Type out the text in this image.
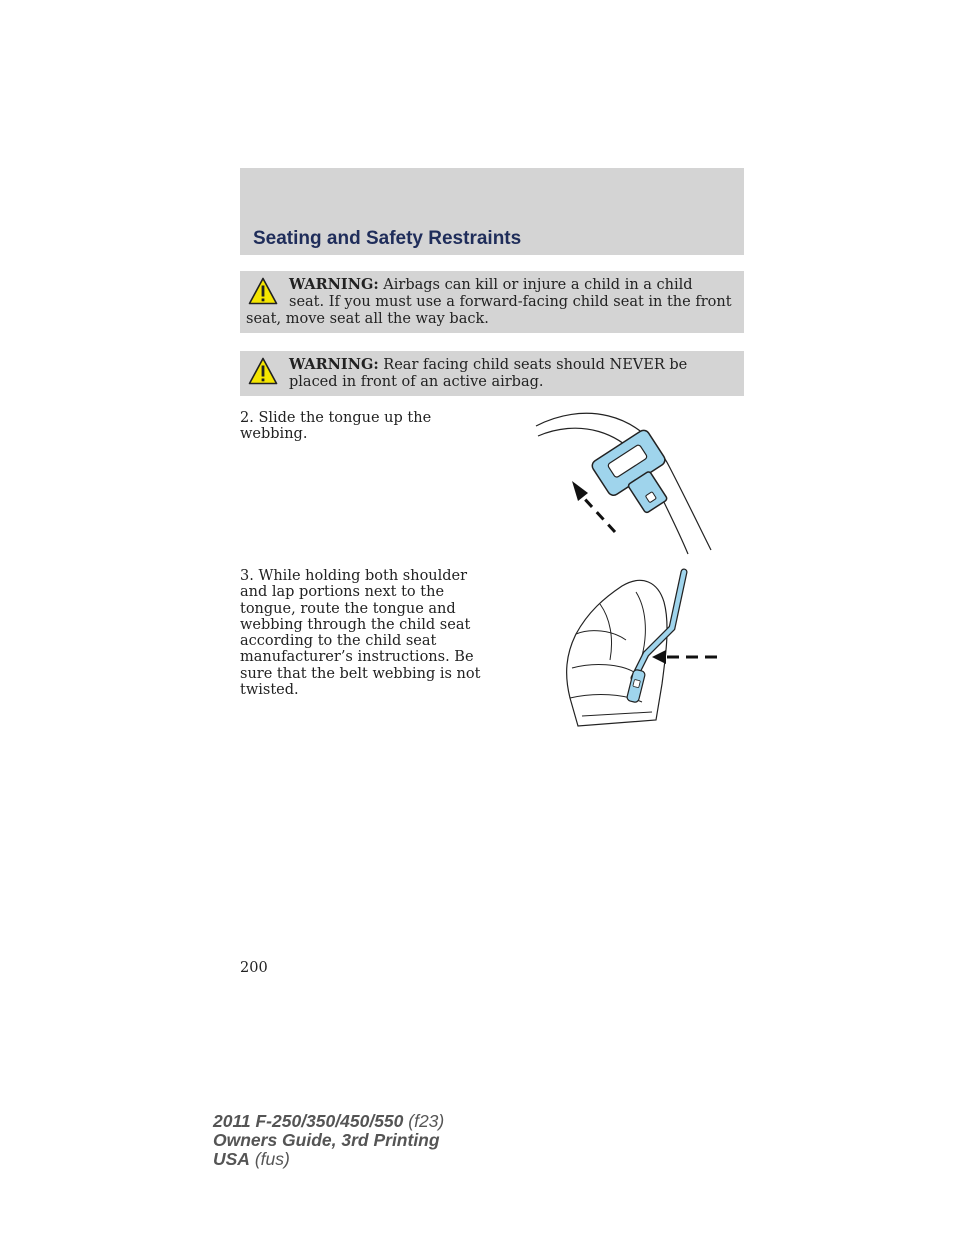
Seating and Safety Restraints
WARNING: Airbags can kill or injure a child in a child seat. If you must use a forward-facing child seat in the front seat, move seat all the way back.
WARNING: Rear facing child seats should NEVER be placed in front of an active airbag.

2. Slide the tongue up the webbing.

3. While holding both shoulder and lap portions next to the tongue, route the tongue and webbing through the child seat according to the child seat manufacturer’s instructions. Be sure that the belt webbing is not twisted.

200
2011 F-250/350/450/550 (f23)
Owners Guide, 3rd Printing
USA (fus)
